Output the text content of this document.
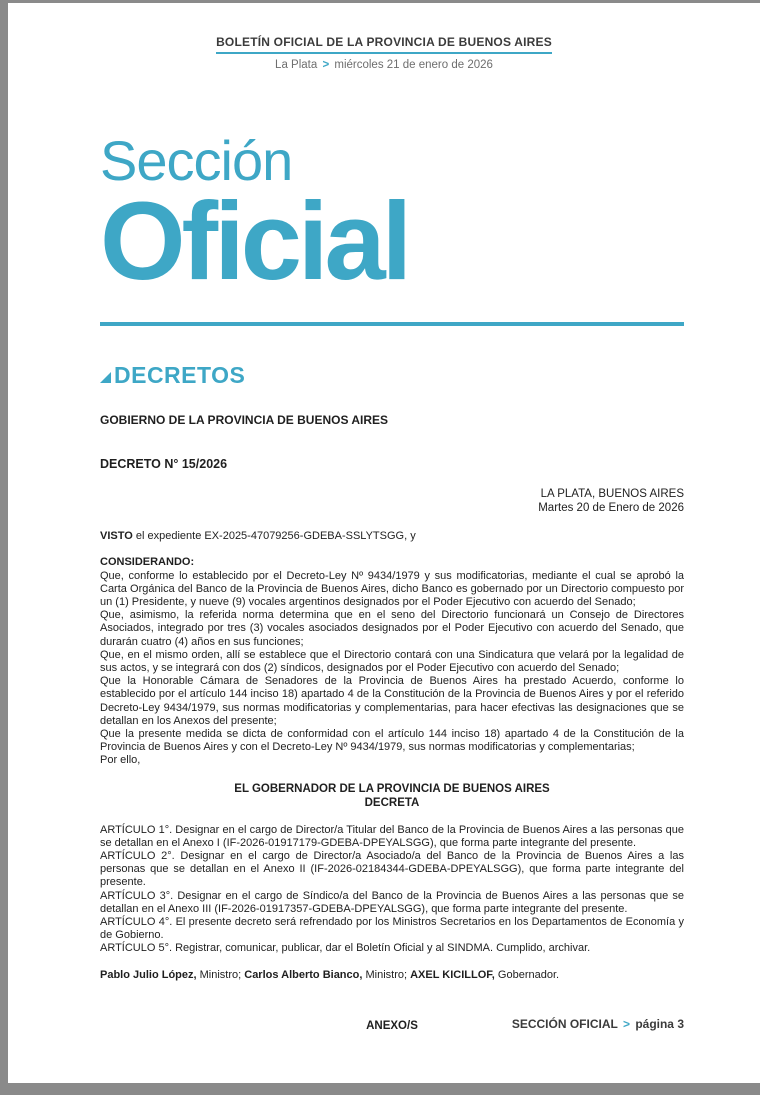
BOLETÍN OFICIAL DE LA PROVINCIA DE BUENOS AIRES
La Plata > miércoles 21 de enero de 2026
Sección
Oficial
DECRETOS
GOBIERNO DE LA PROVINCIA DE BUENOS AIRES
DECRETO N° 15/2026
LA PLATA, BUENOS AIRES
Martes 20 de Enero de 2026

VISTO el expediente EX-2025-47079256-GDEBA-SSLYTSGG, y

CONSIDERANDO:

Que, conforme lo establecido por el Decreto-Ley Nº 9434/1979 y sus modificatorias, mediante el cual se aprobó la Carta Orgánica del Banco de la Provincia de Buenos Aires, dicho Banco es gobernado por un Directorio compuesto por un (1) Presidente, y nueve (9) vocales argentinos designados por el Poder Ejecutivo con acuerdo del Senado;

Que, asimismo, la referida norma determina que en el seno del Directorio funcionará un Consejo de Directores Asociados, integrado por tres (3) vocales asociados designados por el Poder Ejecutivo con acuerdo del Senado, que durarán cuatro (4) años en sus funciones;

Que, en el mismo orden, allí se establece que el Directorio contará con una Sindicatura que velará por la legalidad de sus actos, y se integrará con dos (2) síndicos, designados por el Poder Ejecutivo con acuerdo del Senado;

Que la Honorable Cámara de Senadores de la Provincia de Buenos Aires ha prestado Acuerdo, conforme lo establecido por el artículo 144 inciso 18) apartado 4 de la Constitución de la Provincia de Buenos Aires y por el referido Decreto-Ley 9434/1979, sus normas modificatorias y complementarias, para hacer efectivas las designaciones que se detallan en los Anexos del presente;

Que la presente medida se dicta de conformidad con el artículo 144 inciso 18) apartado 4 de la Constitución de la Provincia de Buenos Aires y con el Decreto-Ley Nº 9434/1979, sus normas modificatorias y complementarias;

Por ello,

EL GOBERNADOR DE LA PROVINCIA DE BUENOS AIRES
DECRETA

ARTÍCULO 1°. Designar en el cargo de Director/a Titular del Banco de la Provincia de Buenos Aires a las personas que se detallan en el Anexo I (IF-2026-01917179-GDEBA-DPEYALSGG), que forma parte integrante del presente.

ARTÍCULO 2°. Designar en el cargo de Director/a Asociado/a del Banco de la Provincia de Buenos Aires a las personas que se detallan en el Anexo II (IF-2026-02184344-GDEBA-DPEYALSGG), que forma parte integrante del presente.

ARTÍCULO 3°. Designar en el cargo de Síndico/a del Banco de la Provincia de Buenos Aires a las personas que se detallan en el Anexo III (IF-2026-01917357-GDEBA-DPEYALSGG), que forma parte integrante del presente.

ARTÍCULO 4°. El presente decreto será refrendado por los Ministros Secretarios en los Departamentos de Economía y de Gobierno.

ARTÍCULO 5°. Registrar, comunicar, publicar, dar el Boletín Oficial y al SINDMA. Cumplido, archivar.

Pablo Julio López, Ministro; Carlos Alberto Bianco, Ministro; AXEL KICILLOF, Gobernador.

ANEXO/S	SECCIÓN OFICIAL > página 3
